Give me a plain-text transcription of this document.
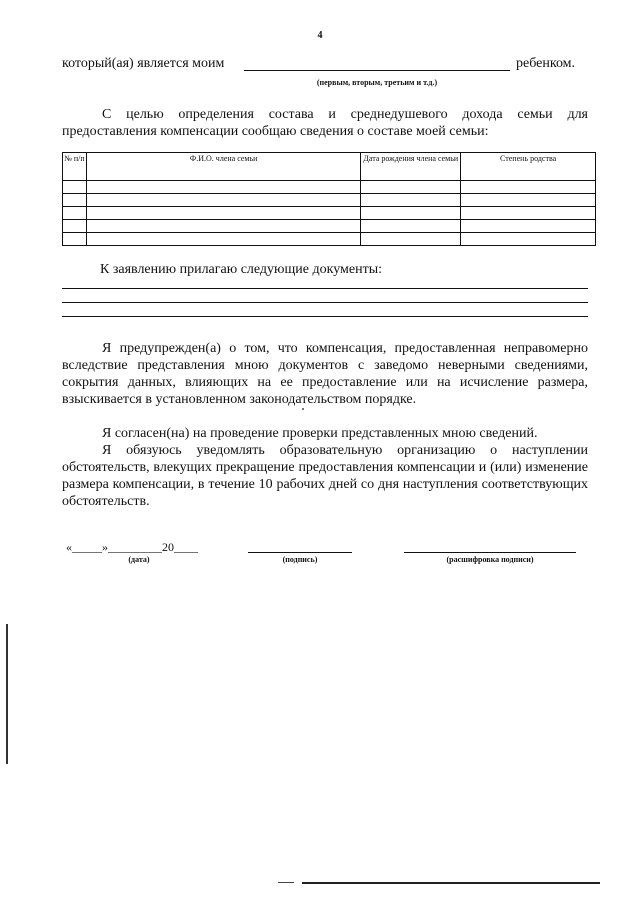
4
который(ая) является моим	ребенком.
(первым, вторым, третьим и т.д.)
С целью определения состава и среднедушевого дохода семьи для предоставления компенсации сообщаю сведения о составе моей семьи:
№ п/п	Ф.И.О. члена семьи	Дата рождения члена семьи	Степень родства

К заявлению прилагаю следующие документы:
Я предупрежден(а) о том, что компенсация, предоставленная неправомерно вследствие представления мною документов с заведомо неверными сведениями, сокрытия данных, влияющих на ее предоставление или на исчисление размера, взыскивается в установленном законодательством порядке.
Я согласен(на) на проведение проверки представленных мною сведений.
Я обязуюсь уведомлять образовательную организацию о наступлении обстоятельств, влекущих прекращение предоставления компенсации и (или) изменение размера компенсации, в течение 10 рабочих дней со дня наступления соответствующих обстоятельств.
«_____»_________20____
(дата)	(подпись)	(расшифровка подписи)
